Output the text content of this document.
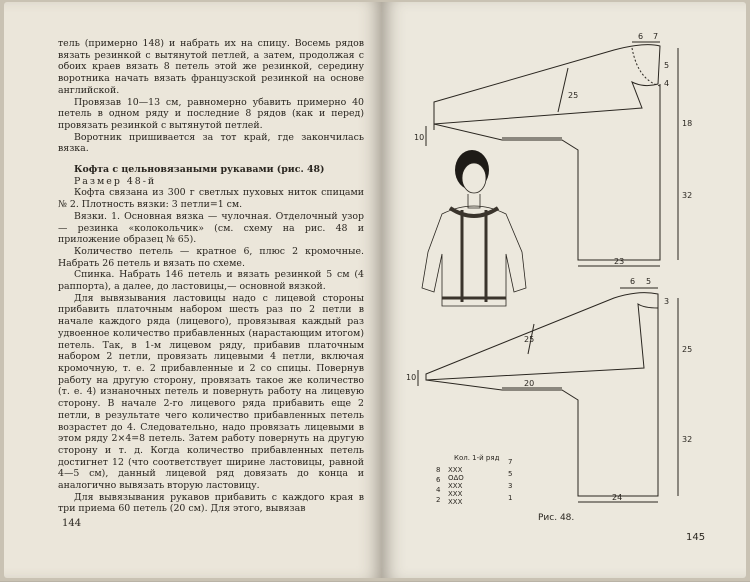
тель (примерно 148) и набрать их на спицу. Восемь рядов вязать резинкой с вытянутой петлей, а затем, продолжая с обоих краев вязать 8 петель этой же резинкой, середину воротника начать вязать французской резинкой на основе английской.

Провязав 10—13 см, равномерно убавить примерно 40 петель в одном ряду и последние 8 рядов (как и перед) провязать резинкой с вытянутой петлей.

Воротник пришивается за тот край, где закончилась вязка.

Кофта с цельновязаными рукавами (рис. 48)

Размер 48-й

Кофта связана из 300 г светлых пуховых ниток спицами № 2. Плотность вязки: 3 петли=1 см.

Вязки. 1. Основная вязка — чулочная. Отделочный узор — резинка «колокольчик» (см. схему на рис. 48 и приложение образец № 65).

Количество петель — кратное 6, плюс 2 кромочные. Набрать 26 петель и вязать по схеме.

Спинка. Набрать 146 петель и вязать резинкой 5 см (4 раппорта), а далее, до ластовицы,— основной вязкой.

Для вывязывания ластовицы надо с лицевой стороны прибавить платочным набором шесть раз по 2 петли в начале каждого ряда (лицевого), провязывая каждый раз удвоенное количество прибавленных (нарастающим итогом) петель. Так, в 1-м лицевом ряду, прибавив платочным набором 2 петли, провязать лицевыми 4 петли, включая кромочную, т. е. 2 прибавленные и 2 со спицы. Повернув работу на другую сторону, провязать такое же количество (т. е. 4) изнаночных петель и повернуть работу на лицевую сторону. В начале 2-го лицевого ряда прибавить еще 2 петли, в результате чего количество прибавленных петель возрастет до 4. Следовательно, надо провязать лицевыми в этом ряду 2×4=8 петель. Затем работу повернуть на другую сторону и т. д. Когда количество прибавленных петель достигнет 12 (что соответствует ширине ластовицы, равной 4—5 см), данный лицевой ряд довязать до конца и аналогично вывязать вторую ластовицу.

Для вывязывания рукавов прибавить с каждого края в три приема 60 петель (20 см). Для этого, вывязав

144
6 7
5
4
25
18
32
23
10
6 5
3
25
20
25
32
24
10
Кол. 1-й ряд
8
6
4
2
XXX
ΟΔΟ
XXX
XXX
XXX
7
5
3
1
Рис. 48.
145
